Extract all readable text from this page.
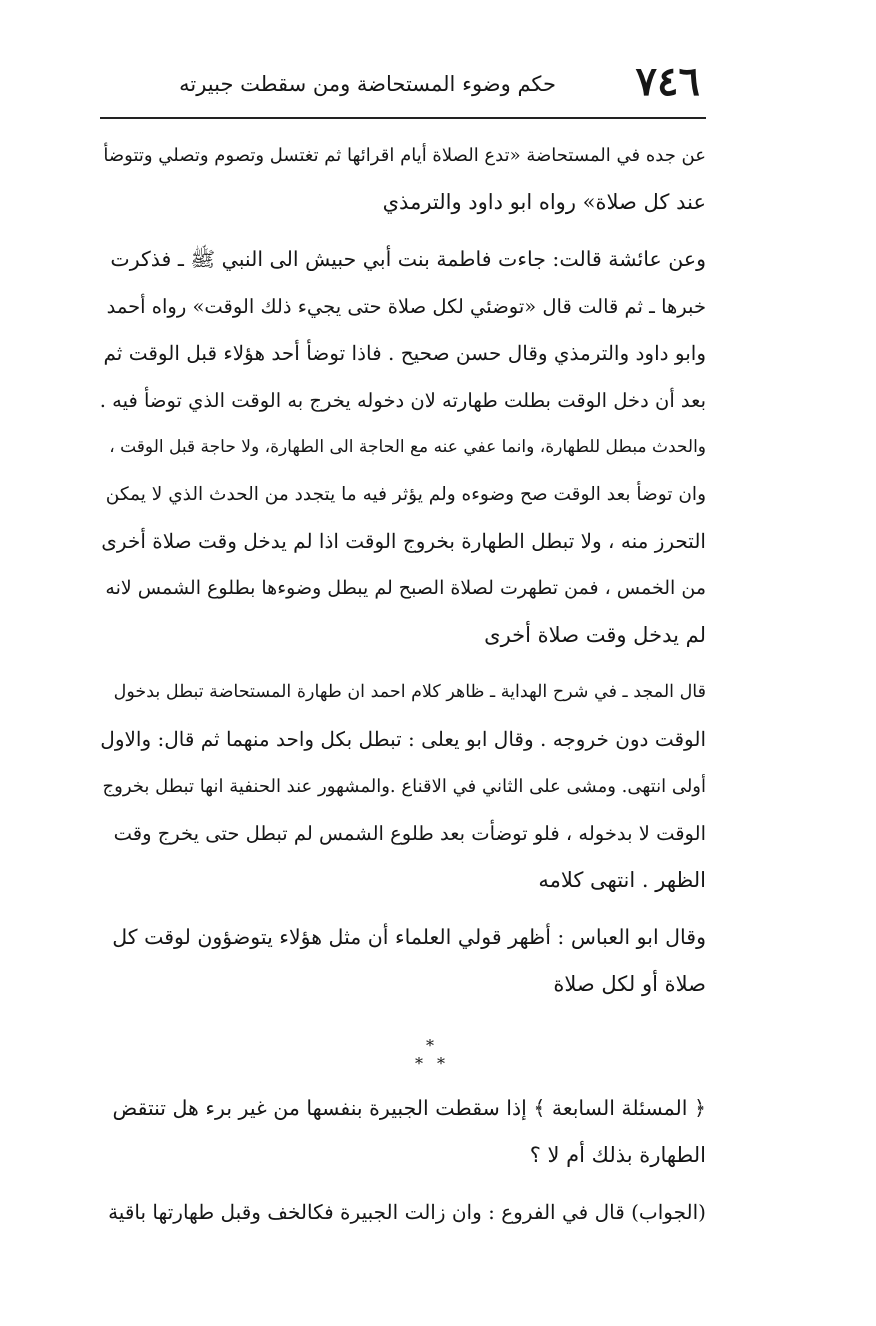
٧٤٦
حكم وضوء المستحاضة ومن سقطت جبيرته
عن جده في المستحاضة «تدع الصلاة أيام اقرائها ثم تغتسل وتصوم وتصلي وتتوضأ
عند كل صلاة» رواه ابو داود والترمذي
وعن عائشة قالت: جاءت فاطمة بنت أبي حبيش الى النبي ﷺ ـ فذكرت
خبرها ـ ثم قالت قال «توضئي لكل صلاة حتى يجيء ذلك الوقت» رواه أحمد
وابو داود والترمذي وقال حسن صحيح . فاذا توضأ أحد هؤلاء قبل الوقت ثم
بعد أن دخل الوقت بطلت طهارته لان دخوله يخرج به الوقت الذي توضأ فيه .
والحدث مبطل للطهارة، وانما عفي عنه مع الحاجة الى الطهارة، ولا حاجة قبل الوقت ،
وان توضأ بعد الوقت صح وضوءه ولم يؤثر فيه ما يتجدد من الحدث الذي لا يمكن
التحرز منه ، ولا تبطل الطهارة بخروج الوقت اذا لم يدخل وقت صلاة أخرى
من الخمس ، فمن تطهرت لصلاة الصبح لم يبطل وضوءها بطلوع الشمس لانه
لم يدخل وقت صلاة أخرى
قال المجد ـ في شرح الهداية ـ ظاهر كلام احمد ان طهارة المستحاضة تبطل بدخول
الوقت دون خروجه . وقال ابو يعلى : تبطل بكل واحد منهما ثم قال: والاول
أولى انتهى. ومشى على الثاني في الاقناع .والمشهور عند الحنفية انها تبطل بخروج
الوقت لا بدخوله ، فلو توضأت بعد طلوع الشمس لم تبطل حتى يخرج وقت
الظهر . انتهى كلامه
وقال ابو العباس : أظهر قولي العلماء أن مثل هؤلاء يتوضؤون لوقت كل
صلاة أو لكل صلاة
*
* *
﴿ المسئلة السابعة ﴾ إذا سقطت الجبيرة بنفسها من غير برء هل تنتقض
الطهارة بذلك أم لا ؟
(الجواب) قال في الفروع : وان زالت الجبيرة فكالخف وقبل طهارتها باقية
